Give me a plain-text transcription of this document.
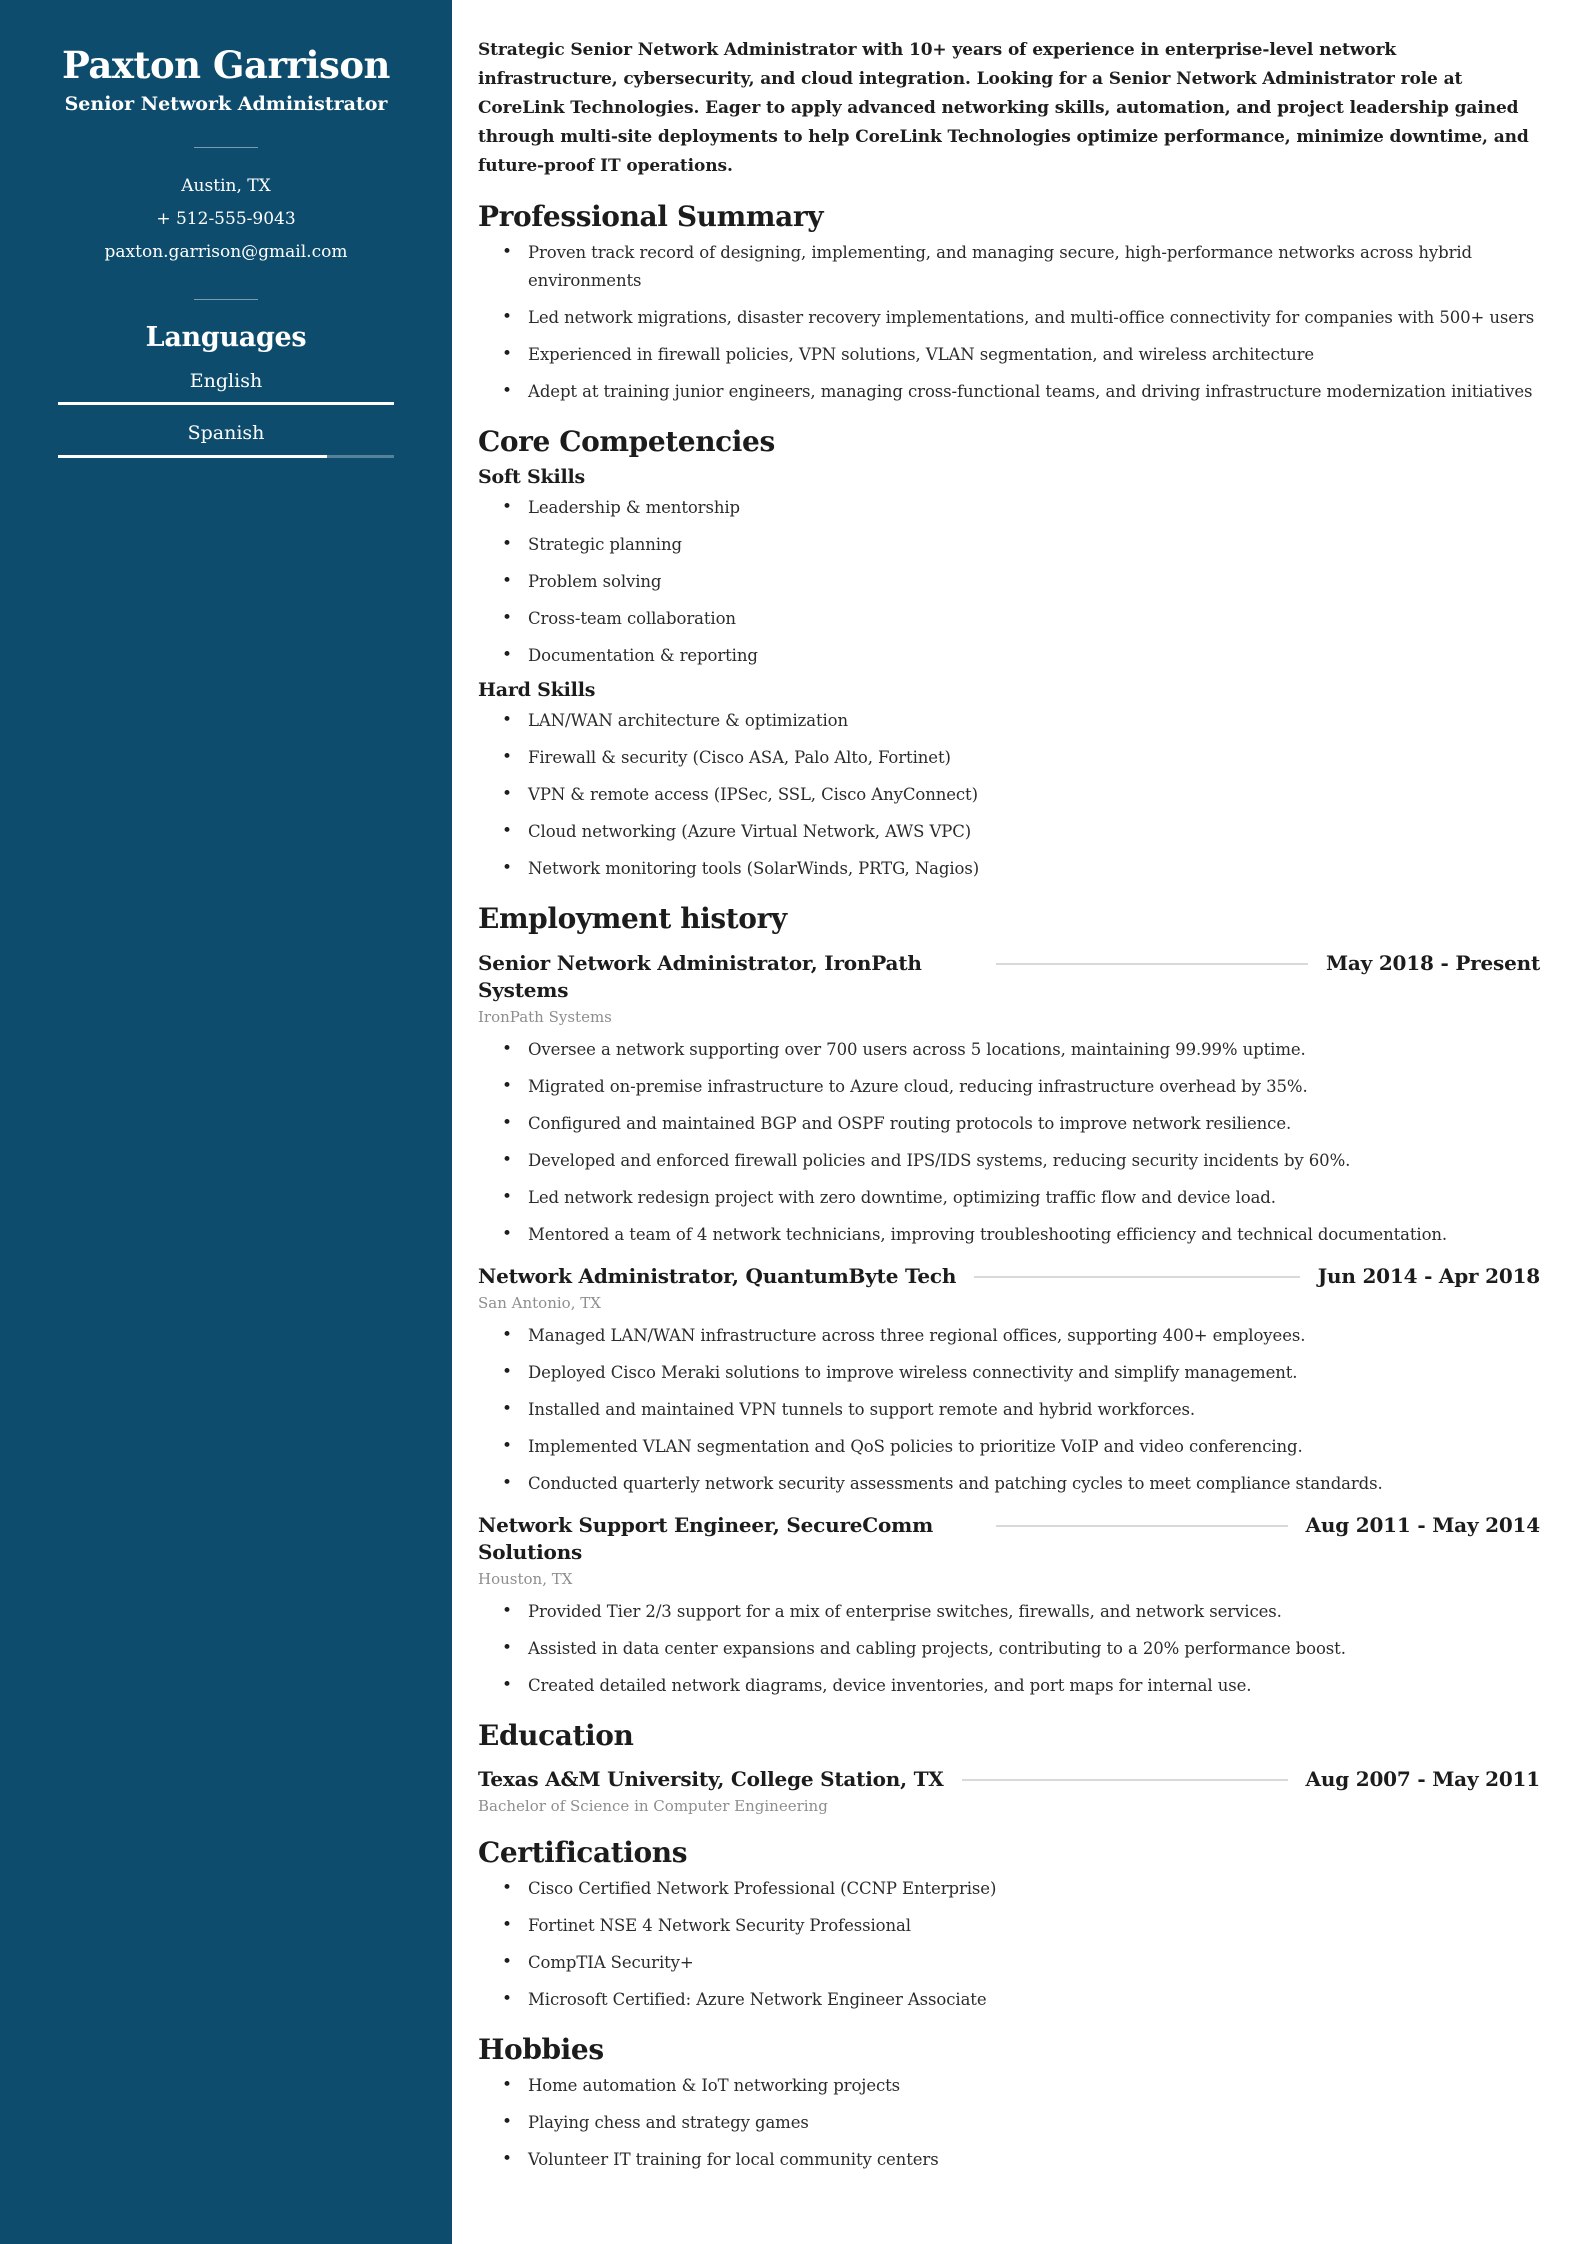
Paxton Garrison
Senior Network Administrator
Austin, TX
+ 512-555-9043
paxton.garrison@gmail.com
Languages
English
Spanish

Strategic Senior Network Administrator with 10+ years of experience in enterprise-level network infrastructure, cybersecurity, and cloud integration. Looking for a Senior Network Administrator role at CoreLink Technologies. Eager to apply advanced networking skills, automation, and project leadership gained through multi-site deployments to help CoreLink Technologies optimize performance, minimize downtime, and future-proof IT operations.

Professional Summary
• Proven track record of designing, implementing, and managing secure, high-performance networks across hybrid environments
• Led network migrations, disaster recovery implementations, and multi-office connectivity for companies with 500+ users
• Experienced in firewall policies, VPN solutions, VLAN segmentation, and wireless architecture
• Adept at training junior engineers, managing cross-functional teams, and driving infrastructure modernization initiatives
Core Competencies
Soft Skills
• Leadership & mentorship
• Strategic planning
• Problem solving
• Cross-team collaboration
• Documentation & reporting
Hard Skills
• LAN/WAN architecture & optimization
• Firewall & security (Cisco ASA, Palo Alto, Fortinet)
• VPN & remote access (IPSec, SSL, Cisco AnyConnect)
• Cloud networking (Azure Virtual Network, AWS VPC)
• Network monitoring tools (SolarWinds, PRTG, Nagios)
Employment history
Senior Network Administrator, IronPath Systems
May 2018 - Present
IronPath Systems
• Oversee a network supporting over 700 users across 5 locations, maintaining 99.99% uptime.
• Migrated on-premise infrastructure to Azure cloud, reducing infrastructure overhead by 35%.
• Configured and maintained BGP and OSPF routing protocols to improve network resilience.
• Developed and enforced firewall policies and IPS/IDS systems, reducing security incidents by 60%.
• Led network redesign project with zero downtime, optimizing traffic flow and device load.
• Mentored a team of 4 network technicians, improving troubleshooting efficiency and technical documentation.
Network Administrator, QuantumByte Tech	Jun 2014 - Apr 2018
San Antonio, TX
• Managed LAN/WAN infrastructure across three regional offices, supporting 400+ employees.
• Deployed Cisco Meraki solutions to improve wireless connectivity and simplify management.
• Installed and maintained VPN tunnels to support remote and hybrid workforces.
• Implemented VLAN segmentation and QoS policies to prioritize VoIP and video conferencing.
• Conducted quarterly network security assessments and patching cycles to meet compliance standards.
Network Support Engineer, SecureComm Solutions
Aug 2011 - May 2014
Houston, TX
• Provided Tier 2/3 support for a mix of enterprise switches, firewalls, and network services.
• Assisted in data center expansions and cabling projects, contributing to a 20% performance boost.
• Created detailed network diagrams, device inventories, and port maps for internal use.
Education
Texas A&M University, College Station, TX	Aug 2007 - May 2011
Bachelor of Science in Computer Engineering
Certifications
• Cisco Certified Network Professional (CCNP Enterprise)
• Fortinet NSE 4 Network Security Professional
• CompTIA Security+
• Microsoft Certified: Azure Network Engineer Associate
Hobbies
• Home automation & IoT networking projects
• Playing chess and strategy games
• Volunteer IT training for local community centers
